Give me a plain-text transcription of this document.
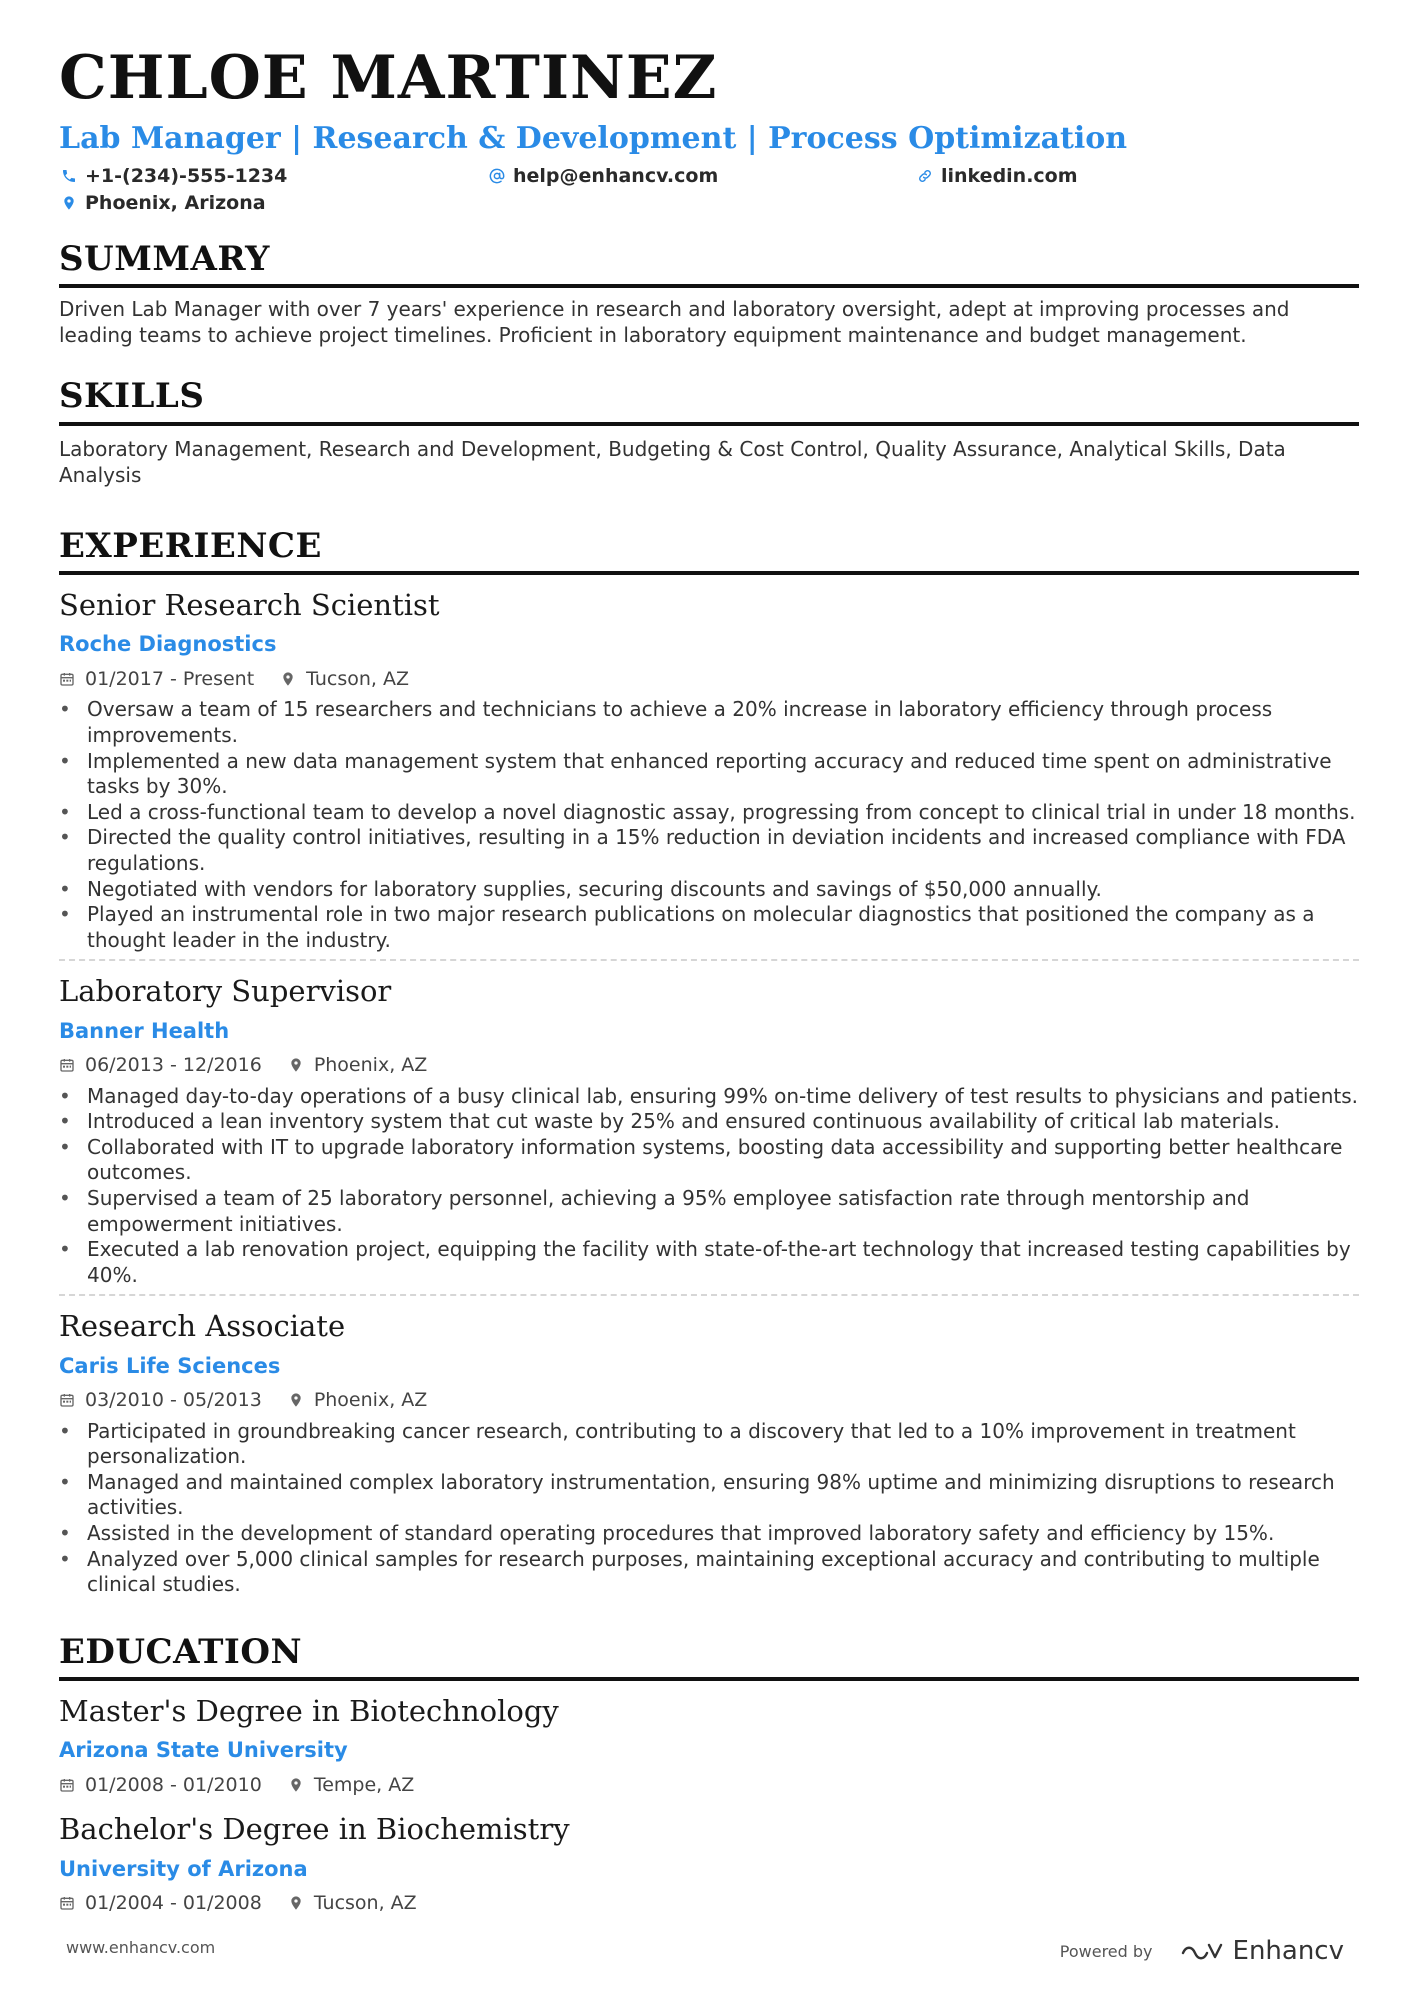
CHLOE MARTINEZ
Lab Manager | Research & Development | Process Optimization
+1-(234)-555-1234	help@enhancv.com	linkedin.com
Phoenix, Arizona
SUMMARY
Driven Lab Manager with over 7 years' experience in research and laboratory oversight, adept at improving processes and leading teams to achieve project timelines. Proficient in laboratory equipment maintenance and budget management.
SKILLS
Laboratory Management, Research and Development, Budgeting & Cost Control, Quality Assurance, Analytical Skills, Data Analysis
EXPERIENCE
Senior Research Scientist
Roche Diagnostics
01/2017 - Present	Tucson, AZ
• Oversaw a team of 15 researchers and technicians to achieve a 20% increase in laboratory efficiency through process improvements.
• Implemented a new data management system that enhanced reporting accuracy and reduced time spent on administrative tasks by 30%.
• Led a cross-functional team to develop a novel diagnostic assay, progressing from concept to clinical trial in under 18 months.
• Directed the quality control initiatives, resulting in a 15% reduction in deviation incidents and increased compliance with FDA regulations.
• Negotiated with vendors for laboratory supplies, securing discounts and savings of $50,000 annually.
• Played an instrumental role in two major research publications on molecular diagnostics that positioned the company as a thought leader in the industry.
Laboratory Supervisor
Banner Health
06/2013 - 12/2016	Phoenix, AZ
• Managed day-to-day operations of a busy clinical lab, ensuring 99% on-time delivery of test results to physicians and patients.
• Introduced a lean inventory system that cut waste by 25% and ensured continuous availability of critical lab materials.
• Collaborated with IT to upgrade laboratory information systems, boosting data accessibility and supporting better healthcare outcomes.
• Supervised a team of 25 laboratory personnel, achieving a 95% employee satisfaction rate through mentorship and empowerment initiatives.
• Executed a lab renovation project, equipping the facility with state-of-the-art technology that increased testing capabilities by 40%.
Research Associate
Caris Life Sciences
03/2010 - 05/2013	Phoenix, AZ
• Participated in groundbreaking cancer research, contributing to a discovery that led to a 10% improvement in treatment personalization.
• Managed and maintained complex laboratory instrumentation, ensuring 98% uptime and minimizing disruptions to research activities.
• Assisted in the development of standard operating procedures that improved laboratory safety and efficiency by 15%.
• Analyzed over 5,000 clinical samples for research purposes, maintaining exceptional accuracy and contributing to multiple clinical studies.
EDUCATION
Master's Degree in Biotechnology
Arizona State University
01/2008 - 01/2010	Tempe, AZ
Bachelor's Degree in Biochemistry
University of Arizona
01/2004 - 01/2008	Tucson, AZ
www.enhancv.com	Powered by	Enhancv
